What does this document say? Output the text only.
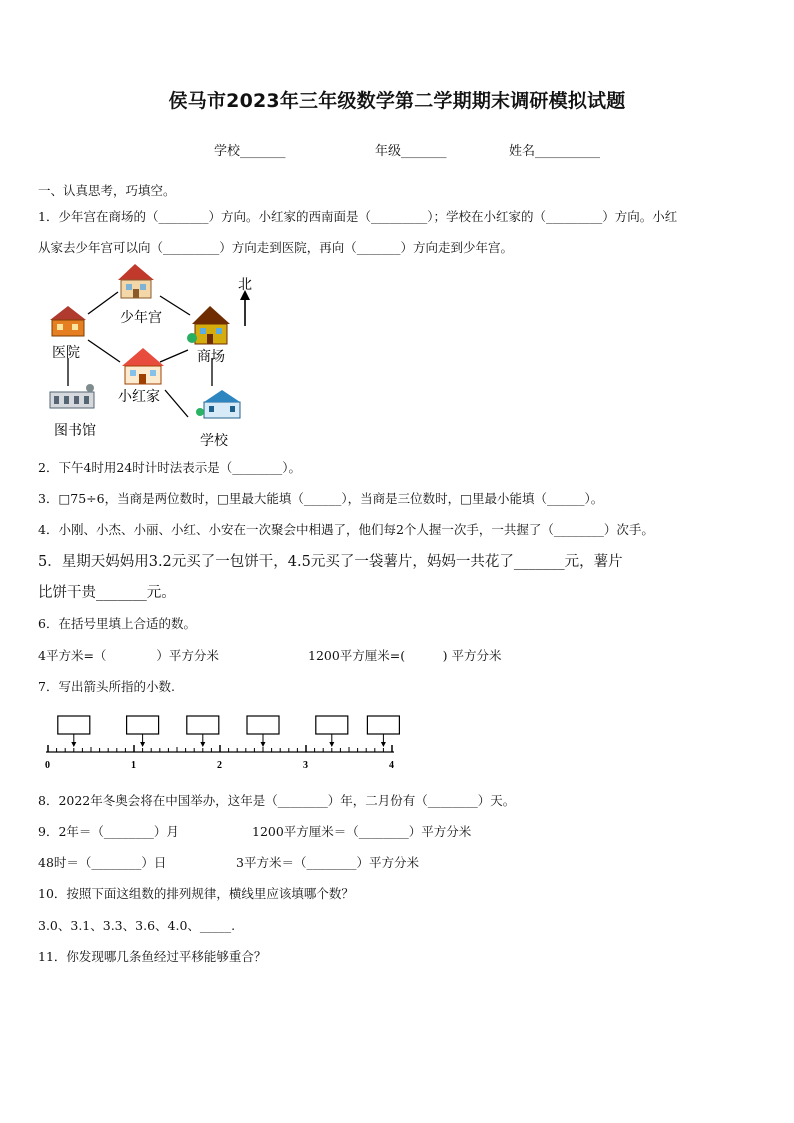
侯马市2023年三年级数学第二学期期末调研模拟试题
学校_______	年级_______	姓名__________
一、认真思考，巧填空。
1．少年宫在商场的（________）方向。小红家的西南面是（_________）；学校在小红家的（_________）方向。小红
从家去少年宫可以向（_________）方向走到医院，再向（_______）方向走到少年宫。
北
少年宫
医院	商场
小红家
图书馆
学校
2．下午4时用24时计时法表示是（________）。
3．□75÷6，当商是两位数时，□里最大能填（______），当商是三位数时，□里最小能填（______）。
4．小刚、小杰、小丽、小红、小安在一次聚会中相遇了，他们每2个人握一次手，一共握了（________）次手。
5．星期天妈妈用3.2元买了一包饼干，4.5元买了一袋薯片，妈妈一共花了_______元，薯片
比饼干贵_______元。
6．在括号里填上合适的数。
4平方米=（　　　　）平方分米	1200平方厘米=(　　　) 平方分米
7．写出箭头所指的小数.
0	1	2	3	4
8．2022年冬奥会将在中国举办，这年是（________）年，二月份有（________）天。
9．2年＝（________）月	1200平方厘米＝（________）平方分米
48时＝（________）日	3平方米＝（________）平方分米
10．按照下面这组数的排列规律，横线里应该填哪个数？
3.0、3.1、3.3、3.6、4.0、_____.
11．你发现哪几条鱼经过平移能够重合？
